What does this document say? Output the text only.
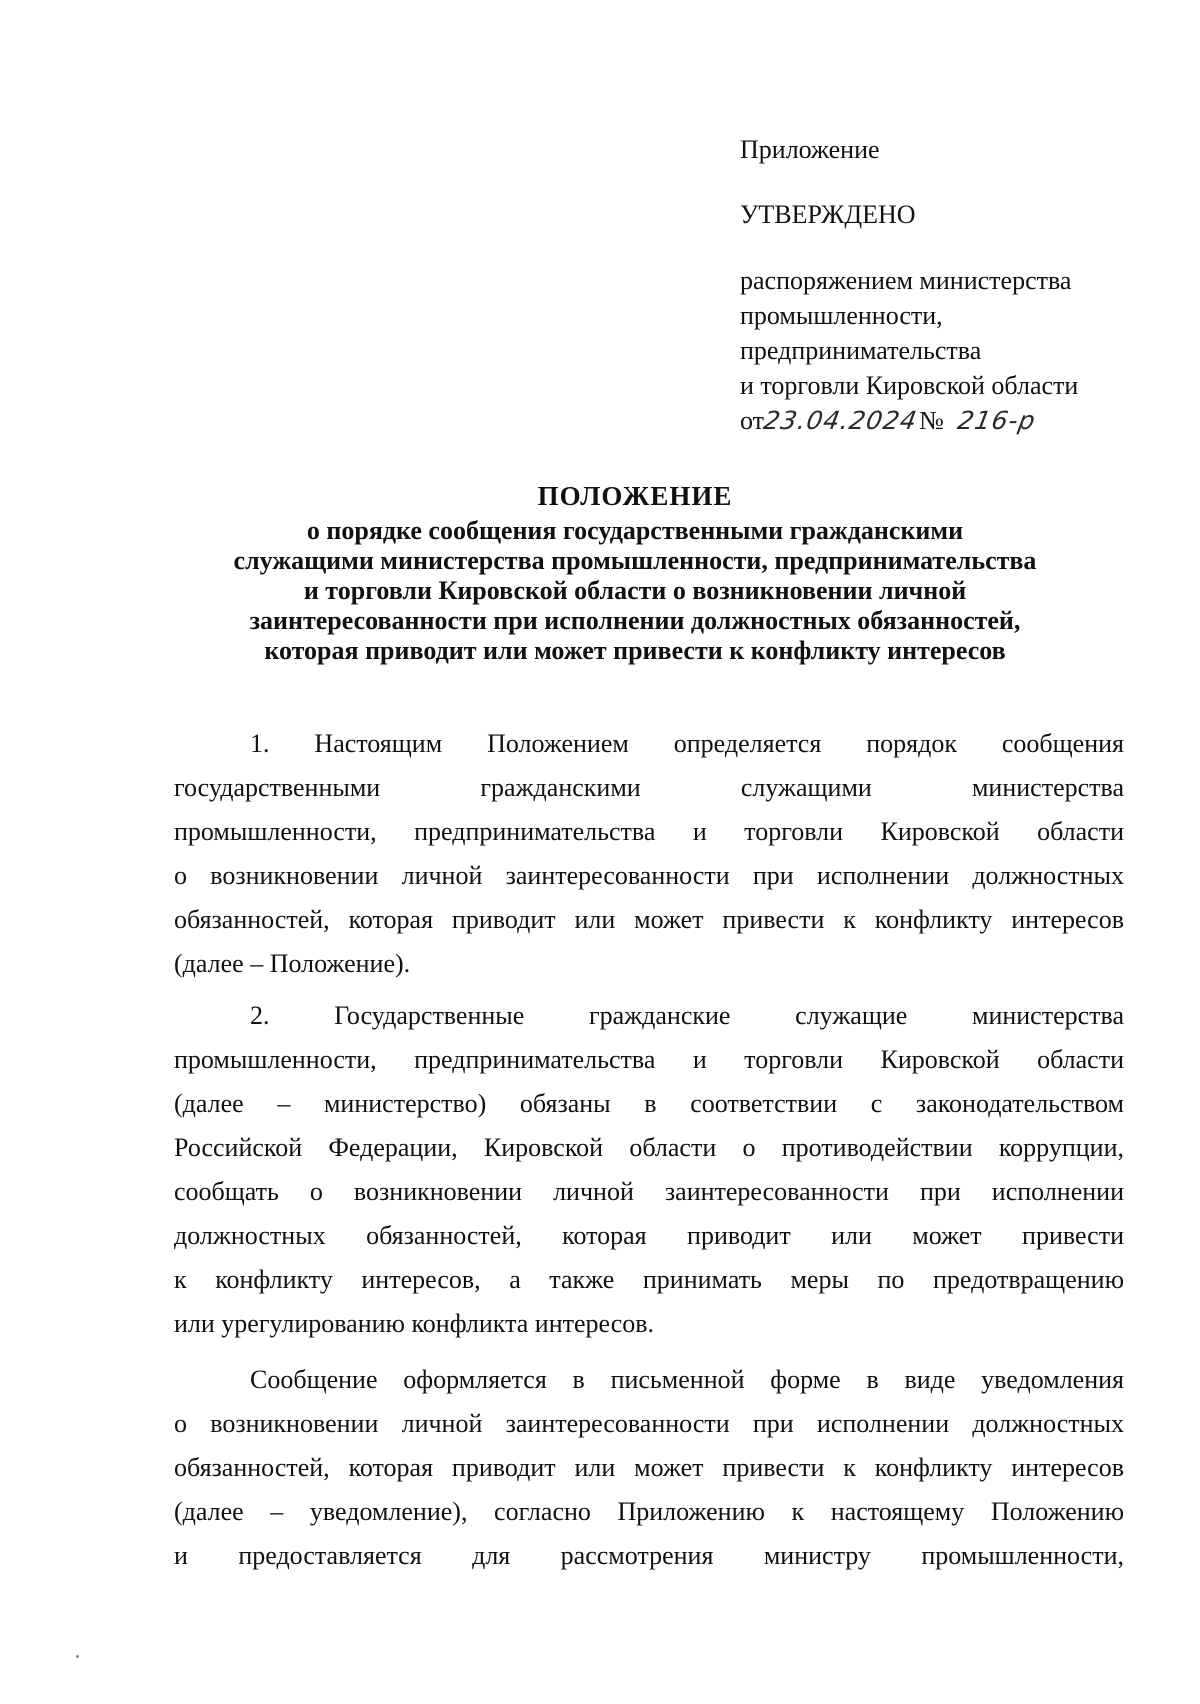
Приложение
УТВЕРЖДЕНО
распоряжением министерства
промышленности,
предпринимательства
и торговли Кировской области
от
23.04.2024 № 216-р
ПОЛОЖЕНИЕ
о порядке сообщения государственными гражданскими
служащими министерства промышленности, предпринимательства
и торговли Кировской области о возникновении личной
заинтересованности при исполнении должностных обязанностей,
которая приводит или может привести к конфликту интересов
1. Настоящим Положением определяется порядок сообщения
государственными гражданскими служащими министерства
промышленности, предпринимательства и торговли Кировской области
о возникновении личной заинтересованности при исполнении должностных
обязанностей, которая приводит или может привести к конфликту интересов
(далее – Положение).
2. Государственные гражданские служащие министерства
промышленности, предпринимательства и торговли Кировской области
(далее – министерство) обязаны в соответствии с законодательством
Российской Федерации, Кировской области о противодействии коррупции,
сообщать о возникновении личной заинтересованности при исполнении
должностных обязанностей, которая приводит или может привести
к конфликту интересов, а также принимать меры по предотвращению
или урегулированию конфликта интересов.
Сообщение оформляется в письменной форме в виде уведомления
о возникновении личной заинтересованности при исполнении должностных
обязанностей, которая приводит или может привести к конфликту интересов
(далее – уведомление), согласно Приложению к настоящему Положению
и предоставляется для рассмотрения министру промышленности,
